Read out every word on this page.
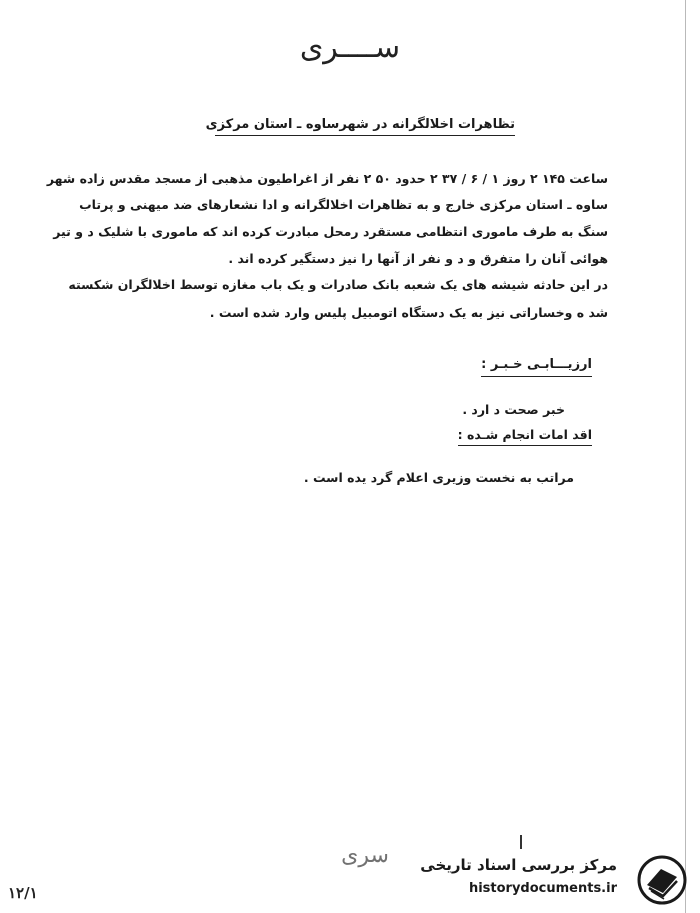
ســــری
تظاهرات اخلالگرانه در شهرساوه ـ استان مرکزی
ساعت ۱۴۵ ۲ روز ۱ / ۶ / ۳۷ ۲ حدود ۵۰ ۲ نفر از اغراطیون مذهبی از مسجد مقدس زاده شهر
ساوه ـ استان مرکزی خارج و به تظاهرات اخلالگرانه و ادا نشعارهای ضد میهنی و پرتاب
سنگ به طرف ماموری انتظامی مستقرد رمحل مبادرت کرده اند که ماموری با شلیک د و تیر
هوائی آنان را متفرق و د و نفر از آنها را نیز دستگیر کرده اند .
در این حادثه شیشه های یک شعبه بانک صادرات و یک باب مغازه توسط اخلالگران شکسته
شد ه وخساراتی نیز به یک دستگاه اتومبیل پلیس وارد شده است .
ارزیـــابـی خـبـر :
خبر صحت د ارد .
اقد امات انجام شـده :
مراتب به نخست وزیری اعلام گرد یده است .
سری
۱۲/۱
مرکز بررسی اسناد تاریخی
historydocuments.ir
